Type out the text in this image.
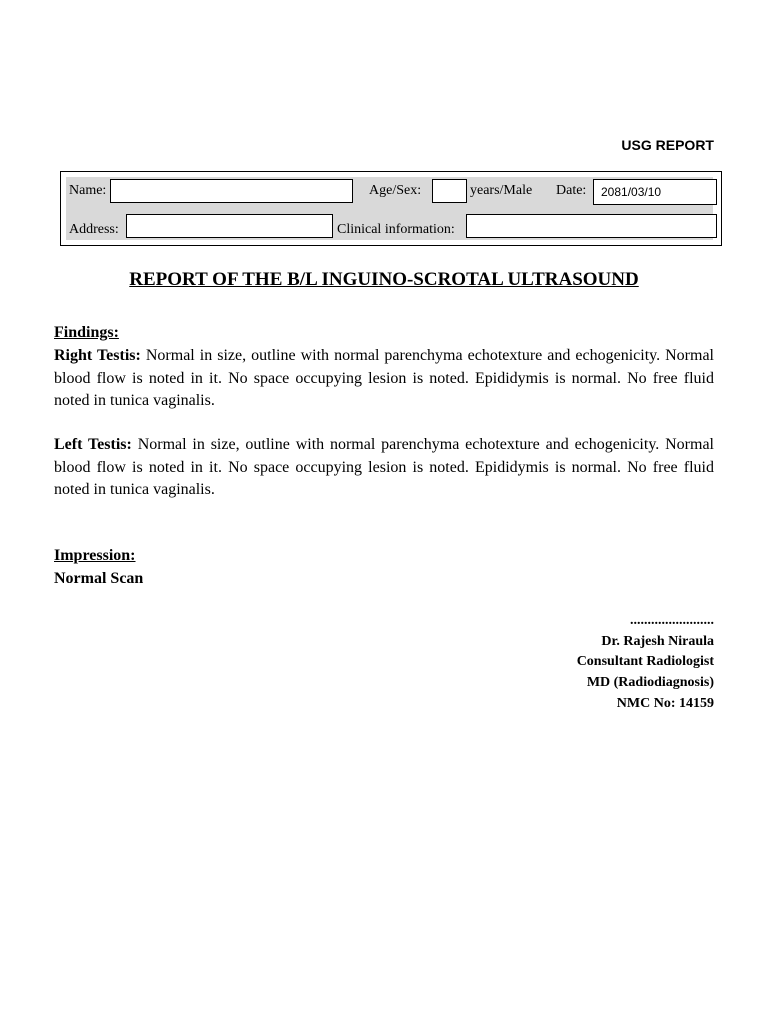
USG REPORT
Name:	Age/Sex:	years/Male Date:	2081/03/10
Address:	Clinical information:
REPORT OF THE B/L INGUINO-SCROTAL ULTRASOUND
Findings:
Right Testis: Normal in size, outline with normal parenchyma echotexture and echogenicity. Normal blood flow is noted in it. No space occupying lesion is noted. Epididymis is normal. No free fluid noted in tunica vaginalis.
Left Testis: Normal in size, outline with normal parenchyma echotexture and echogenicity. Normal blood flow is noted in it. No space occupying lesion is noted. Epididymis is normal. No free fluid noted in tunica vaginalis.
Impression:
Normal Scan
........................
Dr. Rajesh Niraula
Consultant Radiologist
MD (Radiodiagnosis)
NMC No: 14159
